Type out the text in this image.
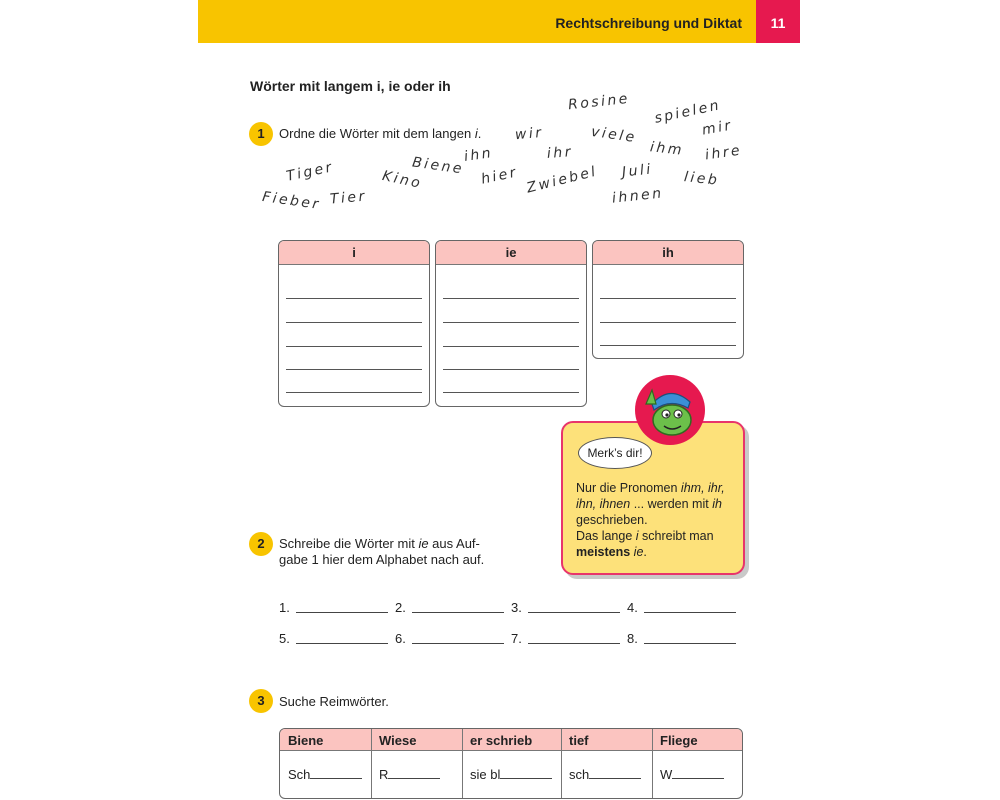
Rechtschreibung und Diktat	11
Wörter mit langem i, ie oder ih
1	Ordne die Wörter mit dem langen i.
Rosine
wir	viele
spielen
mir
ihm ihre
ihr
ihn
Biene
Tiger	Kino	hier Zwiebel Juli lieb
ihnen
Fieber Tier
i	ie	ih
Merk’s dir!
Nur die Pronomen ihm, ihr,
ihn, ihnen ... werden mit ih
geschrieben.
Das lange i schreibt man
meistens ie.
2	Schreibe die Wörter mit ie aus Auf-
gabe 1 hier dem Alphabet nach auf.
1.	2.	3.	4.
5.	6.	7.	8.
3	Suche Reimwörter.
Biene	Wiese	er schrieb	tief	Fliege
Sch	R	sie bl	sch	W
